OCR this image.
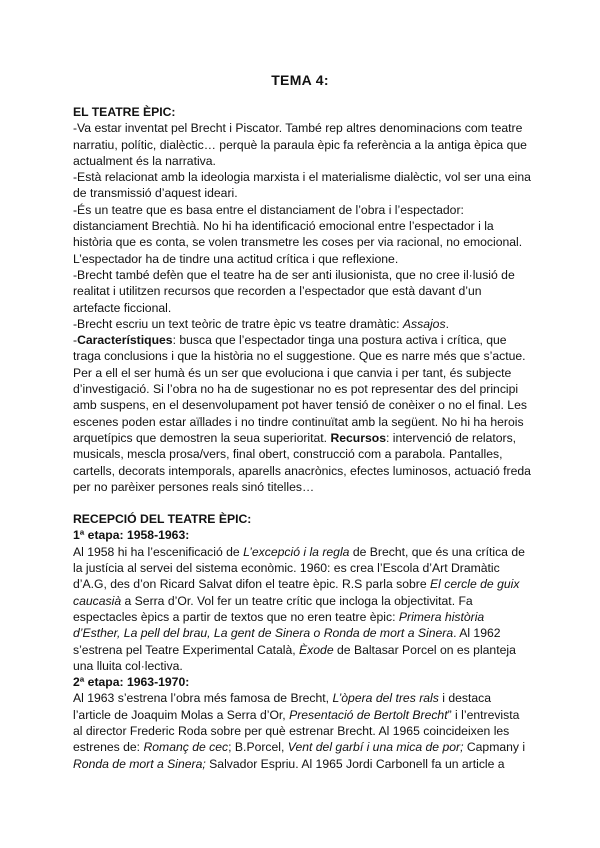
TEMA 4:

EL TEATRE ÈPIC:

-Va estar inventat pel Brecht i Piscator. També rep altres denominacions com teatre
narratiu, polític, dialèctic… perquè la paraula èpic fa referència a la antiga èpica que
actualment és la narrativa.

-Està relacionat amb la ideologia marxista i el materialisme dialèctic, vol ser una eina
de transmissió d’aquest ideari.

-És un teatre que es basa entre el distanciament de l’obra i l’espectador:
distanciament Brechtià. No hi ha identificació emocional entre l’espectador i la
història que es conta, se volen transmetre les coses per via racional, no emocional.
L’espectador ha de tindre una actitud crítica i que reflexione.

-Brecht també defèn que el teatre ha de ser anti ilusionista, que no cree il·lusió de
realitat i utilitzen recursos que recorden a l’espectador que està davant d’un
artefacte ficcional.

-Brecht escriu un text teòric de tratre èpic vs teatre dramàtic: Assajos.

-Característiques: busca que l’espectador tinga una postura activa i crítica, que
traga conclusions i que la història no el suggestione. Que es narre més que s’actue.
Per a ell el ser humà és un ser que evoluciona i que canvia i per tant, és subjecte
d’investigació. Si l’obra no ha de sugestionar no es pot representar des del principi
amb suspens, en el desenvolupament pot haver tensió de conèixer o no el final. Les
escenes poden estar aïllades i no tindre continuïtat amb la següent. No hi ha herois
arquetípics que demostren la seua superioritat. Recursos: intervenció de relators,
musicals, mescla prosa/vers, final obert, construcció com a parabola. Pantalles,
cartells, decorats intemporals, aparells anacrònics, efectes luminosos, actuació freda
per no parèixer persones reals sinó titelles…

RECEPCIÓ DEL TEATRE ÈPIC:

1ª etapa: 1958-1963:

Al 1958 hi ha l’escenificació de L’excepció i la regla de Brecht, que és una crítica de
la justícia al servei del sistema econòmic. 1960: es crea l’Escola d’Art Dramàtic
d’A.G, des d’on Ricard Salvat difon el teatre èpic. R.S parla sobre El cercle de guix
caucasià a Serra d’Or. Vol fer un teatre crític que incloga la objectivitat. Fa
espectacles èpics a partir de textos que no eren teatre èpic: Primera història
d’Esther, La pell del brau, La gent de Sinera o Ronda de mort a Sinera. Al 1962
s’estrena pel Teatre Experimental Català, Èxode de Baltasar Porcel on es planteja
una lluita col·lectiva.

2ª etapa: 1963-1970:

Al 1963 s’estrena l’obra més famosa de Brecht, L’òpera del tres rals i destaca
l’article de Joaquim Molas a Serra d’Or, Presentació de Bertolt Brecht” i l’entrevista
al director Frederic Roda sobre per què estrenar Brecht. Al 1965 coincideixen les
estrenes de: Romanç de cec; B.Porcel, Vent del garbí i una mica de por; Capmany i
Ronda de mort a Sinera; Salvador Espriu. Al 1965 Jordi Carbonell fa un article a
